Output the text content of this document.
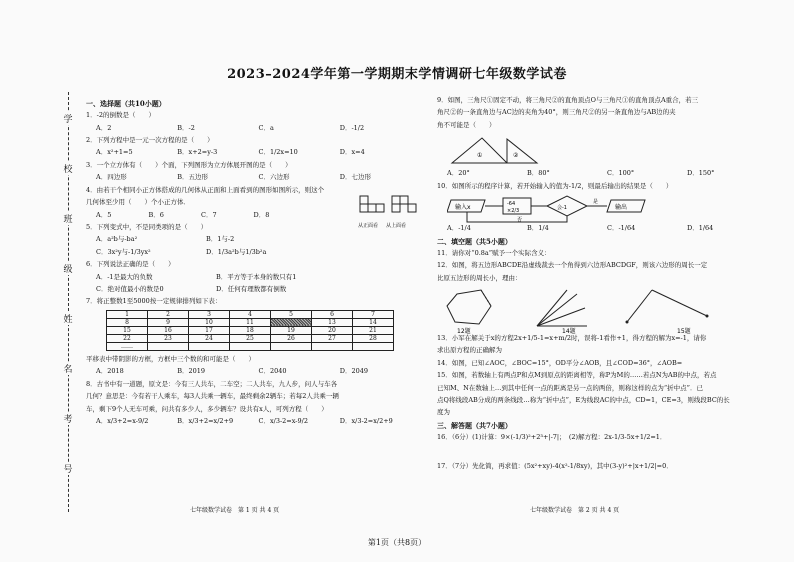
2023–2024学年第一学期期末学情调研七年级数学试卷
学
校
班
级
姓
名
考
号
一、选择题（共10小题）
1．-2的倒数是（　　）
A．2	B．-2	C．a	D．-1/2
2．下列方程中是一元一次方程的是（　　）
A．x²+1=5	B．x+2=y-3	C．1/2x=10	D．x=4
3．一个立方体有（　　）个面，下列图形为立方体展开图的是（　　）
A．四边形	B．五边形	C．六边形	D．七边形
4．由若干个相同小正方体搭成的几何体从正面和上面看到的图形如图所示，则这个
几何体至少用（　　）个小正方体．
A．5	B．6	C．7	D．8
从正面看 从上面看
5．下列变式中，不是同类项的是（　　）
A．a²b与-ba²	B．1与-2
C．3x²y与-1/3yx²	D．1/3a²b与1/3b²a
6．下列说法正确的是（　　）
A．-1是最大的负数	B．平方等于本身的数只有1
C．绝对值最小的数是0	D．任何有理数都有倒数
7．将正整数1至5000按一定规律排列如下表：
1	2	3	4	5	6	7
8	9	10	11		13	14
15	16	17	18	19	20	21
22	23	24	25	26	27	28
……						
平移表中带阴影的方框，方框中三个数的和可能是（　　）
A．2018	B．2019	C．2040	D．2049
8．古书中有一道题，原文是：今有三人共车，二车空；二人共车，九人步，问人与车各
几何？意思是：今有若干人乘车，每3人共乘一辆车，最终剩余2辆车；若每2人共乘一辆
车，剩下9个人无车可乘，问共有多少人，多少辆车？设共有x人，可列方程（　　）
A．x/3+2=x-9/2	B．x/3+2=x/2+9	C．x/3-2=x-9/2	D．x/3-2=x/2+9
七年级数学试卷　第 1 页 共 4 页
9．如图，三角尺①固定不动，将三角尺②的直角顶点O与三角尺①的直角顶点A重合，若三
角尺②的一条直角边与AC边的夹角为40°，则三角尺②的另一条直角边与AB边的夹
角不可能是（　　）
①	②
A．20°	B．80°	C．100°	D．150°
10．如图所示的程序计算，若开始输入的值为-1/2，则最后输出的结果是（　　）
输入x	-64
×2/3	会-1
是
输出
否
A．-1/4	B．1/4	C．-1/64	D．1/64
二、填空题（共5小题）
11．请你对“0.8a”赋予一个实际含义：
12．如图，将五边形ABCDE沿虚线裁去一个角得到六边形ABCDGF，则该六边形的周长一定
比原五边形的周长小，理由：
12题	14题	15题
13．小军在解关于x的方程2x+1/5-1=x+m/2时，误将-1看作+1，得方程的解为x=-1，请你
求出原方程的正确解为
14．如图，已知∠AOC，∠BOC=15°，OD平分∠AOB，且∠COD=36°，∠AOB=
15．如图，若数轴上有两点P和点M到原点的距离相等，称P为M的……若点N为AB的中点，若点
已知M、N在数轴上…到其中任何一点的距离是另一点的两倍，则称这样的点为“折中点”．已
点Q将线段AB分成的两条线段…称为“折中点”，E为线段AC的中点，CD=1，CE=3，则线段BC的长
度为
三、解答题（共7小题）
16．（6分）(1)计算：9×(-1/3)²+2³+|-7|；　(2)解方程：2x-1/3-5x+1/2=1．
17．（7分）先化简，再求值：(5x²+xy)-4(x²-1/8xy)，其中(3-y)²+|x+1/2|=0．
七年级数学试卷　第 2 页 共 4 页
第1页（共8页）
